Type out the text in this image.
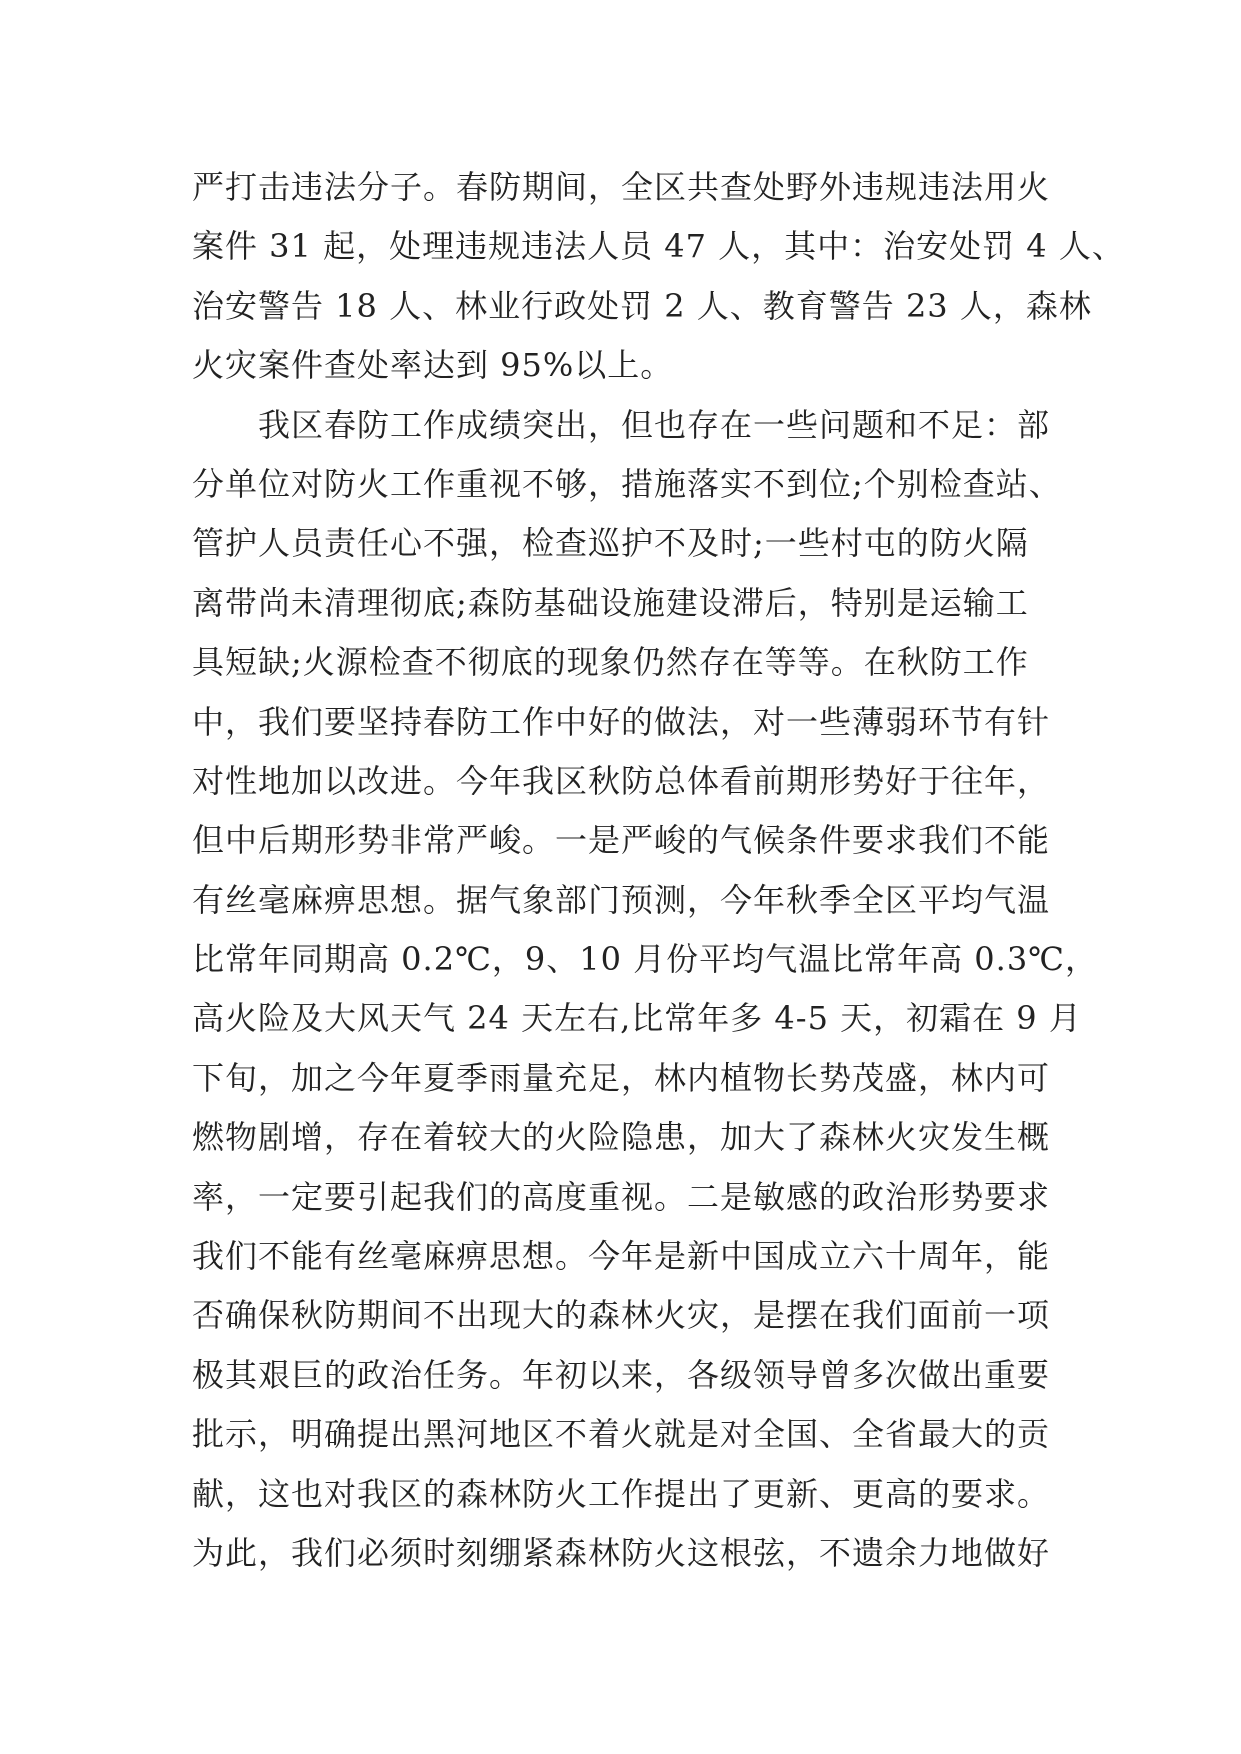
严打击违法分子。春防期间，全区共查处野外违规违法用火
案件 31 起，处理违规违法人员 47 人，其中：治安处罚 4 人、
治安警告 18 人、林业行政处罚 2 人、教育警告 23 人，森林
火灾案件查处率达到 95%以上。
我区春防工作成绩突出，但也存在一些问题和不足：部
分单位对防火工作重视不够，措施落实不到位;个别检查站、
管护人员责任心不强，检查巡护不及时;一些村屯的防火隔
离带尚未清理彻底;森防基础设施建设滞后，特别是运输工
具短缺;火源检查不彻底的现象仍然存在等等。在秋防工作
中，我们要坚持春防工作中好的做法，对一些薄弱环节有针
对性地加以改进。今年我区秋防总体看前期形势好于往年，
但中后期形势非常严峻。一是严峻的气候条件要求我们不能
有丝毫麻痹思想。据气象部门预测，今年秋季全区平均气温
比常年同期高 0.2℃，9、10 月份平均气温比常年高 0.3℃，
高火险及大风天气 24 天左右,比常年多 4-5 天，初霜在 9 月
下旬，加之今年夏季雨量充足，林内植物长势茂盛，林内可
燃物剧增，存在着较大的火险隐患，加大了森林火灾发生概
率，一定要引起我们的高度重视。二是敏感的政治形势要求
我们不能有丝毫麻痹思想。今年是新中国成立六十周年，能
否确保秋防期间不出现大的森林火灾，是摆在我们面前一项
极其艰巨的政治任务。年初以来，各级领导曾多次做出重要
批示，明确提出黑河地区不着火就是对全国、全省最大的贡
献，这也对我区的森林防火工作提出了更新、更高的要求。
为此，我们必须时刻绷紧森林防火这根弦，不遗余力地做好
